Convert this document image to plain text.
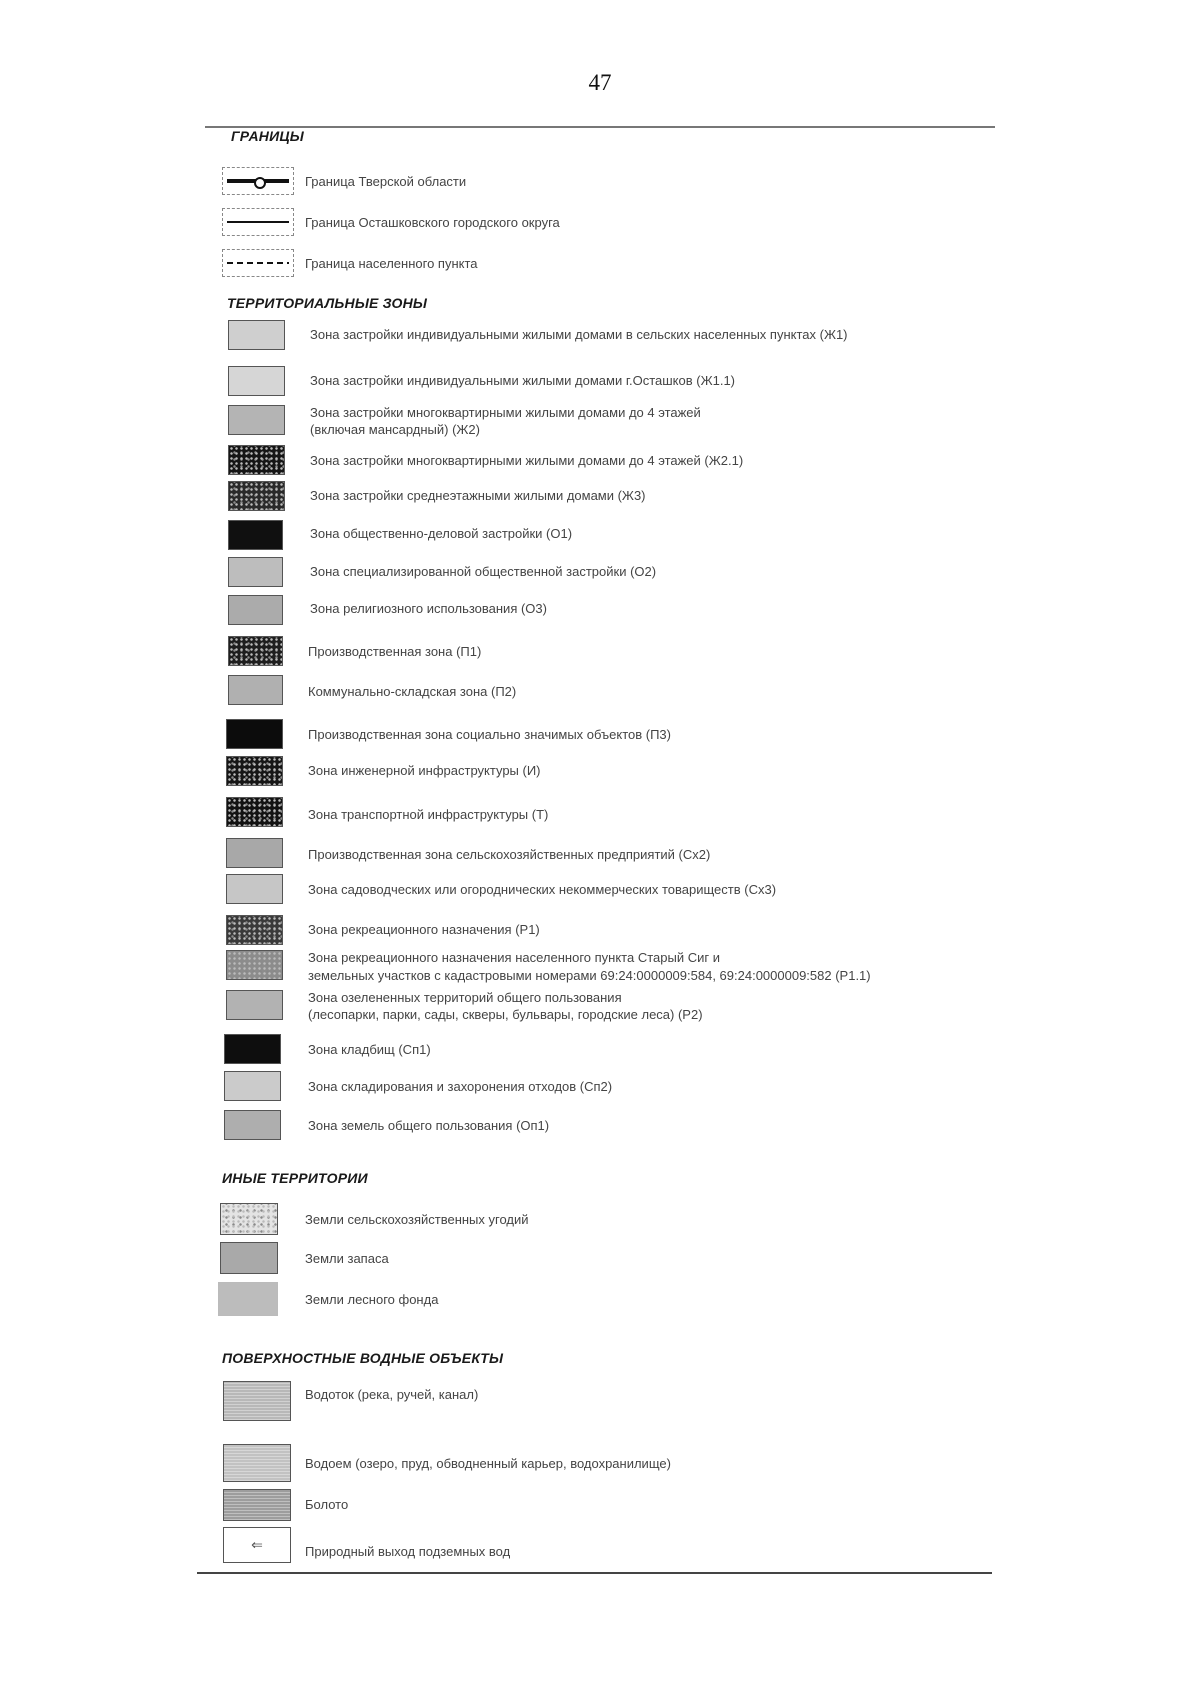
47
ГРАНИЦЫ
Граница Тверской области
Граница Осташковского городского округа
Граница населенного пункта
ТЕРРИТОРИАЛЬНЫЕ ЗОНЫ
Зона застройки индивидуальными жилыми домами в сельских населенных пунктах (Ж1)
Зона застройки индивидуальными жилыми домами г.Осташков (Ж1.1)
Зона застройки многоквартирными жилыми домами до 4 этажей
(включая мансардный) (Ж2)
Зона застройки многоквартирными жилыми домами до 4 этажей (Ж2.1)
Зона застройки среднеэтажными жилыми домами (Ж3)
Зона общественно-деловой застройки (О1)
Зона специализированной общественной застройки (О2)
Зона религиозного использования (О3)
Производственная зона (П1)
Коммунально-складская зона (П2)
Производственная зона социально значимых объектов (П3)
Зона инженерной инфраструктуры (И)
Зона транспортной инфраструктуры (Т)
Производственная зона сельскохозяйственных предприятий (Сх2)
Зона садоводческих или огороднических некоммерческих товариществ (Сх3)
Зона рекреационного назначения (Р1)
Зона рекреационного назначения населенного пункта Старый Сиг и
земельных участков с кадастровыми номерами 69:24:0000009:584, 69:24:0000009:582 (Р1.1)
Зона озелененных территорий общего пользования
(лесопарки, парки, сады, скверы, бульвары, городские леса) (Р2)
Зона кладбищ (Сп1)
Зона складирования и захоронения отходов (Сп2)
Зона земель общего пользования (Оп1)
ИНЫЕ ТЕРРИТОРИИ
Земли сельскохозяйственных угодий
Земли запаса
Земли лесного фонда
ПОВЕРХНОСТНЫЕ ВОДНЫЕ ОБЪЕКТЫ
Водоток (река, ручей, канал)
Водоем (озеро, пруд, обводненный карьер, водохранилище)
Болото
⇐	Природный выход подземных вод
